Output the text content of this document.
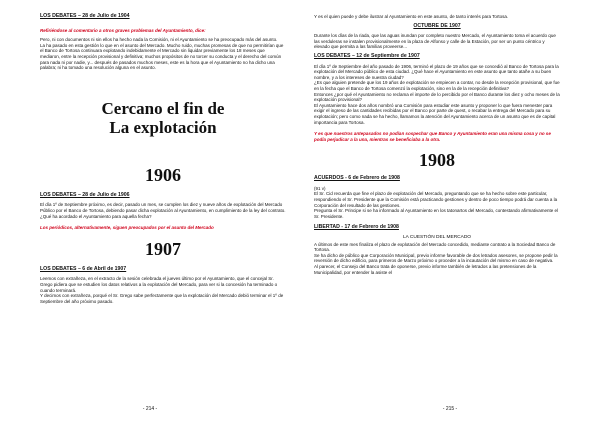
LOS DEBATES – 28 de Julio de 1904

Refiriéndose al comentario a otros graves problemas del Ayuntamiento, dice:

Pero, ni con documentos ni sin ellos ha hecho nada la Comisión, ni el Ayuntamiento se ha preocupado más del asunto.

La ha pasado en esta gestión lo que en el asunto del Mercado. Mucho ruido, muchas promesas de que no permitirían que el Banco de Tortosa continuara explotando indebidamente el Mercado sin liquidar previamente los 18 meses que mediaron, entre la recepción provisional y definitiva; muchos propósitos de no torcer su conducta y el derecho del común para nada ni por nadie, y... después de pasados muchos meses, este es la hora que el Ayuntamiento no ha dicho una palabra; ni ha tomado una resolución alguna en el asunto.

Cercano el fin de

La explotación

1906

LOS DEBATES – 28 de Julio de 1906

El día 1º de Septiembre próximo, es decir, pasado un mes, se cumplen los diez y nueve años de explotación del Mercado Público por el Banco de Tortosa, debiendo pasar dicha explotación al Ayuntamiento, en cumplimiento de la ley del contrato.

¿Qué ha acordado el Ayuntamiento para aquella fecha?

Los periódicos, alternativamente, siguen preocupados por el asunto del Mercado

1907

LOS DEBATES – 6 de Abril de 1907

Leemos con extrañeza, en el extracto de la sesión celebrada el jueves último por el Ayuntamiento, que el concejal Sr. Grego pidiera que se estudien los datos relativos a la explotación del Mercado, para ver si la concesión ha terminado o cuando terminará.

Y decimos con extrañeza, porqué el Sr. Grego sabe perfectamente que la explotación del Mercado debió terminar el 1º de Septiembre del año próximo pasado.

- 214 -

Y es el quien puede y debe ilustrar al Ayuntamiento en este asunto, de tanto interés para Tortosa.

OCTUBRE DE 1907

Durante los días de la riada, que las aguas inundan por completo nuestro Mercado, el Ayuntamiento toma el acuerdo que las verduleras se instalen provisionalmente en la plaza de Alfonso y calle de la Estación, por ser un punto céntrico y elevado que permita a las familias proveerse...

LOS DEBATES – 12 de Septiembre de 1907

El día 1º de Septiembre del año pasado de 1906, terminó el plazo de 19 años que se concedió al Banco de Tortosa para la explotación del Mercado público de esta ciudad. ¿Qué hace el Ayuntamiento en este asunto que tanto atañe a su buen nombre, y a los intereses de nuestra ciudad?

¿Es que alguien pretende que los 19 años de explotación se empiecen a contar, no desde la recepción provisional, que fue en la fecha que el Banco de Tortosa comenzó la explotación, sino en la de la recepción definitiva?

Entonces ¿por qué el Ayuntamiento no reclama el importe de lo percibido por el Banco durante los diez y ocho meses de la explotación provisional?

El Ayuntamiento hace dos años nombró una Comisión para estudiar este asunto y proponer lo que fuera menester para exigir el ingreso de las cantidades recibidas por el Banco por parte de quest, o recabar la entrega del Mercado para su explotación; pero como nada se ha hecho, llamamos la atención del Ayuntamiento acerca de un asunto que es de capital importancia para Tortosa.

Y es que nuestros antepasados no podían sospechar que Banco y Ayuntamiento eran una misma cosa y no se podía perjudicar a la una, mientras se beneficiaba a la otra.

1908

ACUERDOS - 6 de Febrero de 1908

(91 v)

El Sr. Cid recuerda que fine el plazo de explotación del Mercado, preguntando que se ha hecho sobre este particular, respondiendo el Sr. Presidente que la Comisión está practicando gestiones y dentro de poco tiempo podrá dar cuenta a la Corporación del resultado de las gestiones.

Pregunta el Sr. Principe si se ha informado al Ayuntamiento en los tatonartos del Mercado, contestando afirmativamente el Sr. Presidente.

LIBERTAD - 17 de Febrero de 1908

LA CUESTIÓN DEL MERCADO

A últimos de este mes finaliza el plazo de explotación del Mercado concedido, mediante contrato a la Sociedad Banco de Tortosa.

Se ha dicho de público que Corporación Municipal, previo informe favorable de dos letrados asesores, se propone pedir la reversión de dicho edificio, para primeros de Marzo próximo o proceder a la incautación del mismo en caso de negativa.

Al parecer, el Consejo del Banco trata de oponerse, previo informe también de letrados a las pretensiones de la Municipalidad, por entender la asiste el

- 215 -
